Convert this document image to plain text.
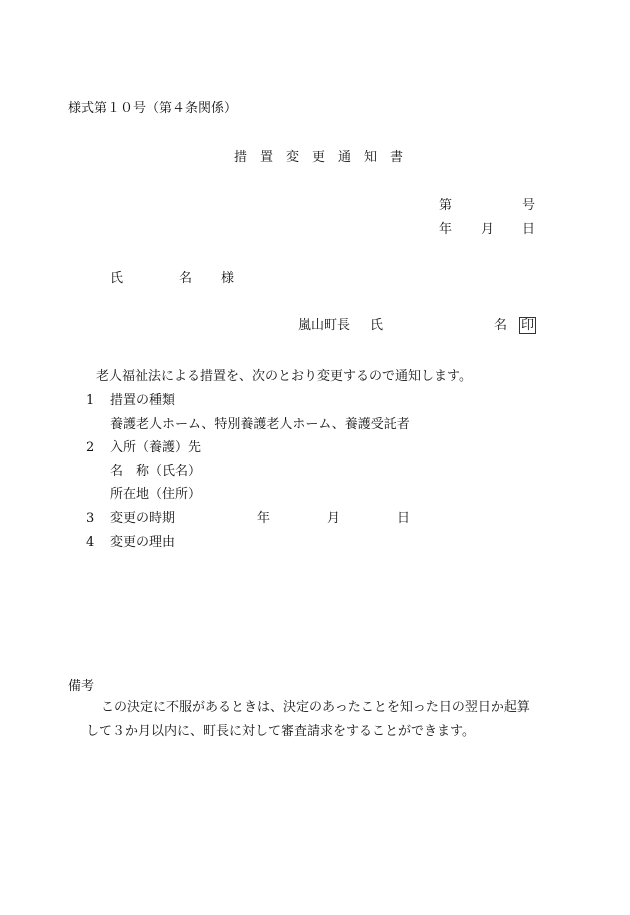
様式第１０号（第４条関係）
措　置　変　更　通　知　書
第	号
年 月 日
氏	名 様
嵐山町長 氏	名 印
老人福祉法による措置を、次のとおり変更するので通知します。
1 措置の種類
養護老人ホーム、特別養護老人ホーム、養護受託者
2 入所（養護）先
名　称（氏名）
所在地（住所）
3 変更の時期	年	月	日
4 変更の理由
備考
この決定に不服があるときは、決定のあったことを知った日の翌日か起算
して３か月以内に、町長に対して審査請求をすることができます。
